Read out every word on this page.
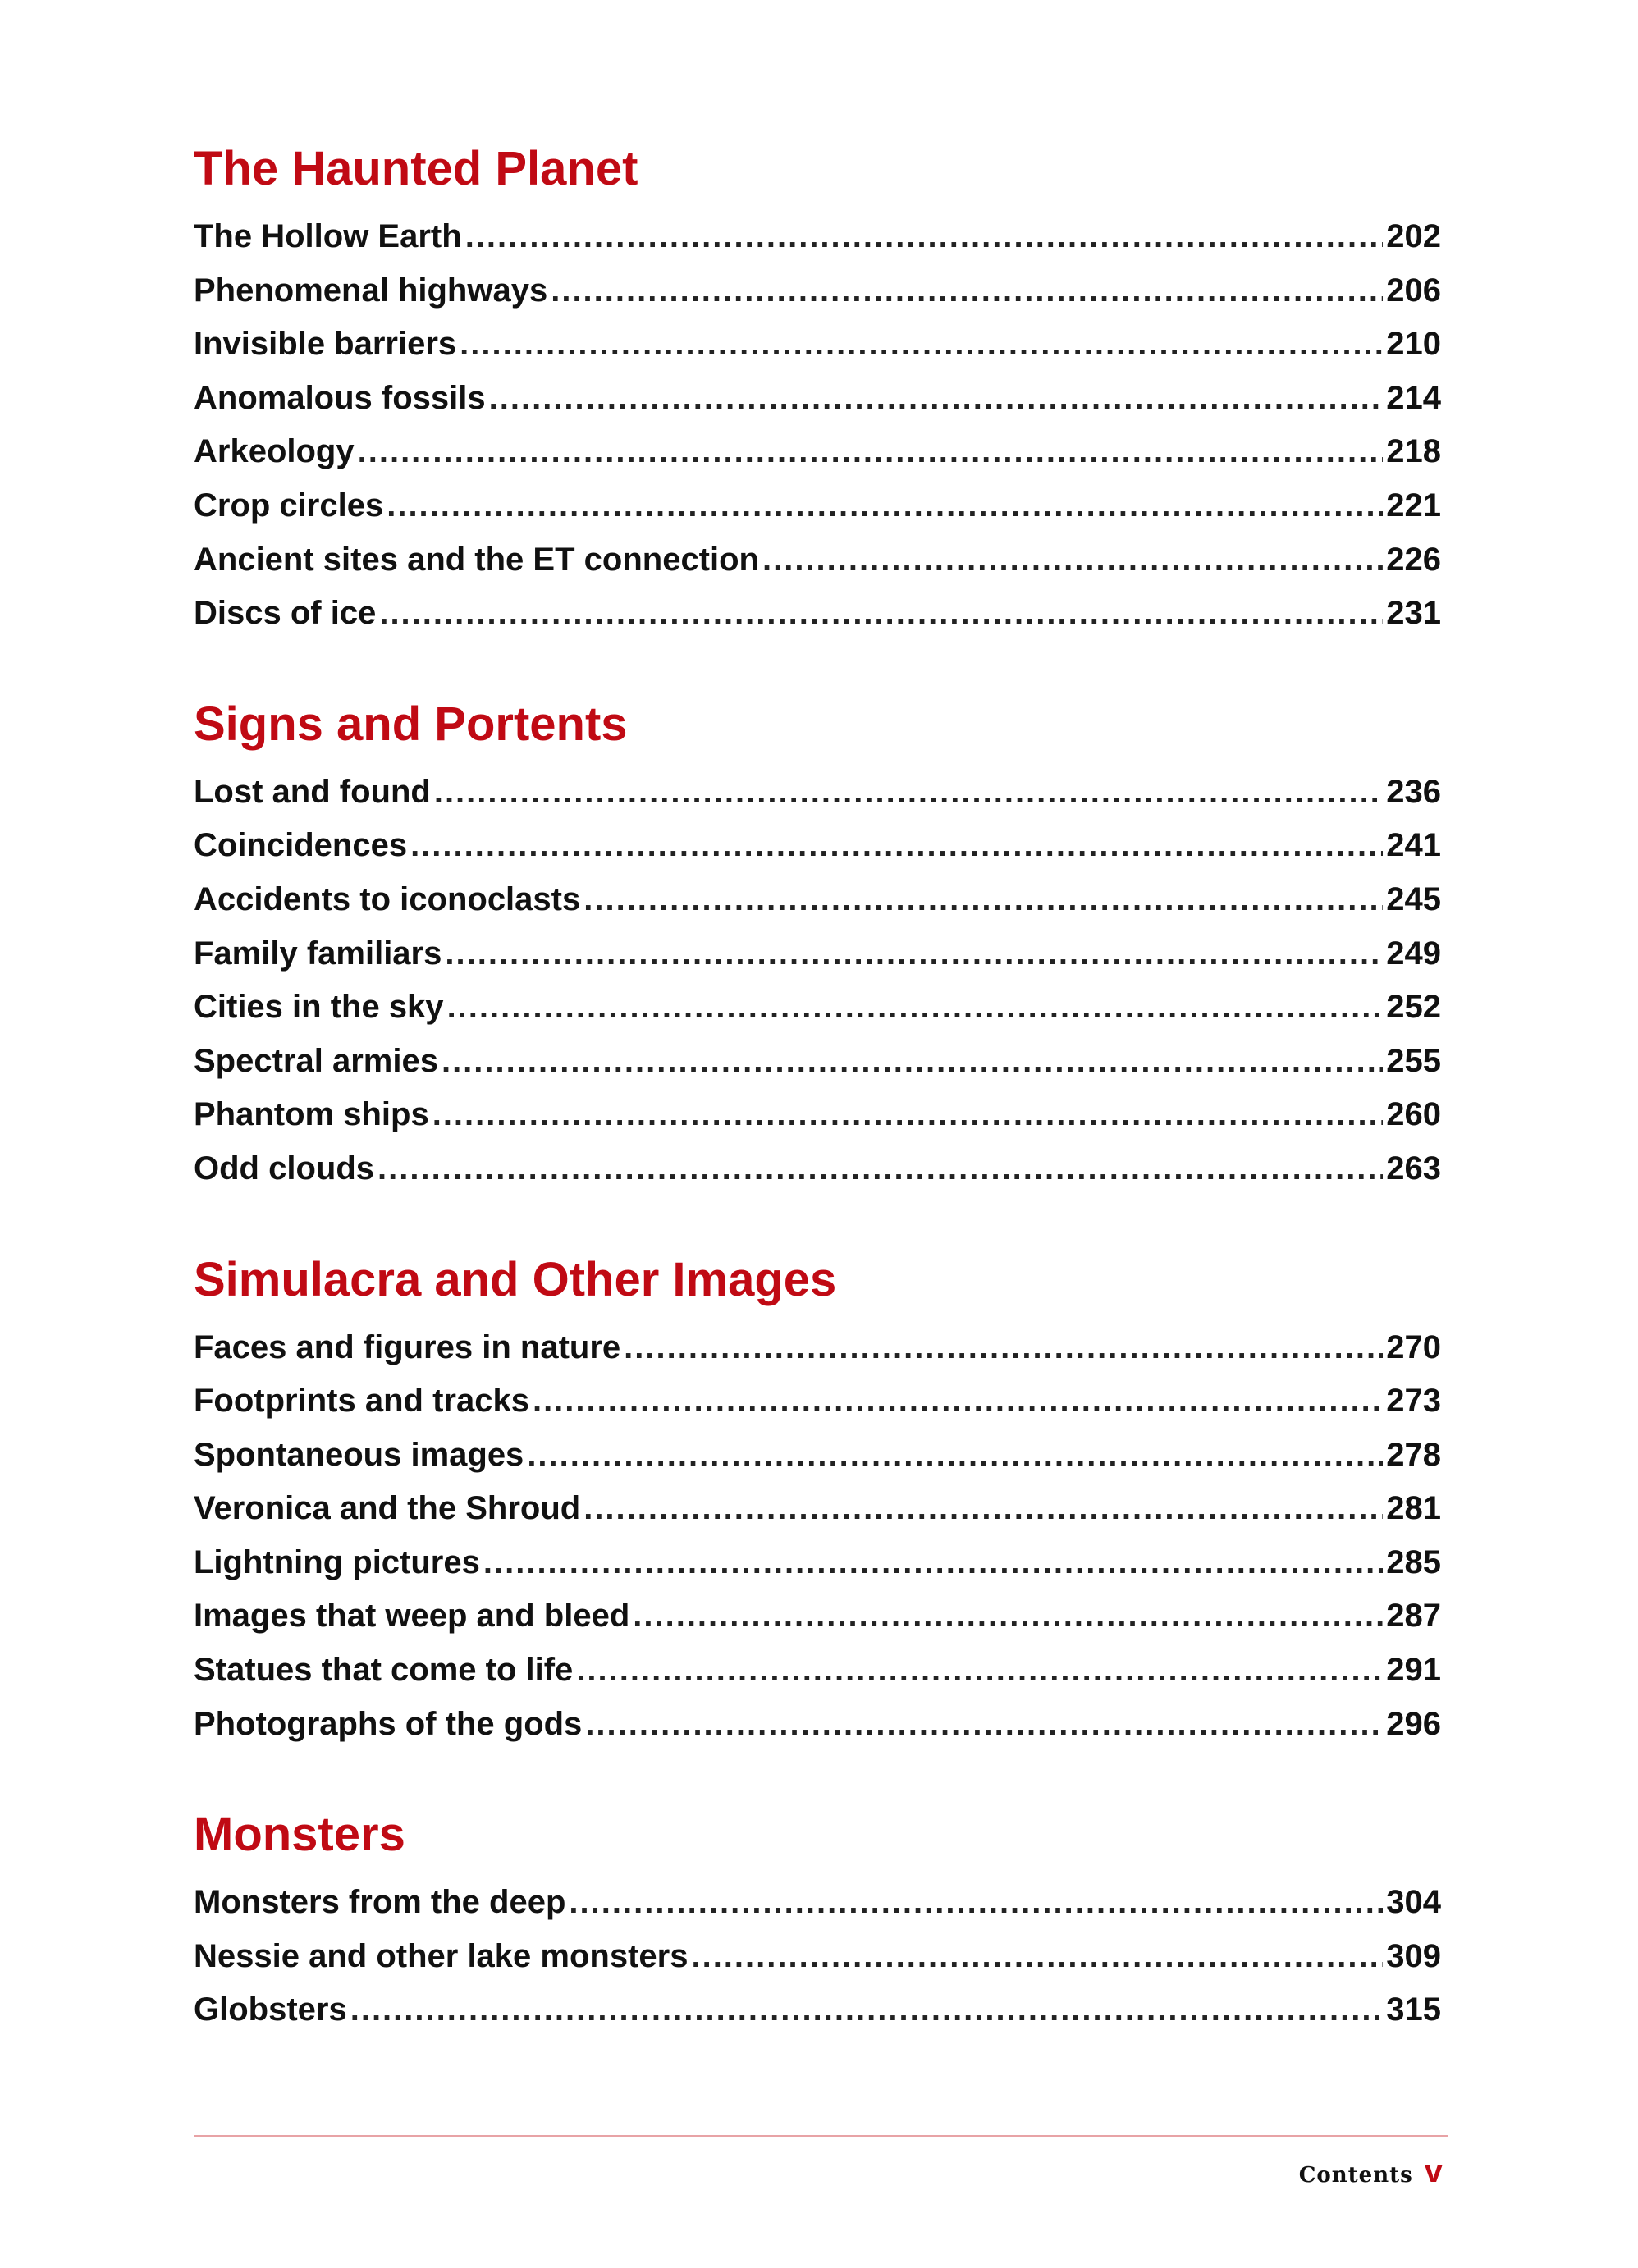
The Haunted Planet
The Hollow Earth .....	202
Phenomenal highways .....	206
Invisible barriers .....	210
Anomalous fossils .....	214
Arkeology .....	218
Crop circles .....	221
Ancient sites and the ET connection .....	226
Discs of ice .....	231
Signs and Portents
Lost and found .....	236
Coincidences .....	241
Accidents to iconoclasts .....	245
Family familiars .....	249
Cities in the sky .....	252
Spectral armies .....	255
Phantom ships .....	260
Odd clouds .....	263
Simulacra and Other Images
Faces and figures in nature .....	270
Footprints and tracks .....	273
Spontaneous images .....	278
Veronica and the Shroud .....	281
Lightning pictures .....	285
Images that weep and bleed .....	287
Statues that come to life .....	291
Photographs of the gods .....	296
Monsters
Monsters from the deep .....	304
Nessie and other lake monsters .....	309
Globsters .....	315
Contents v
